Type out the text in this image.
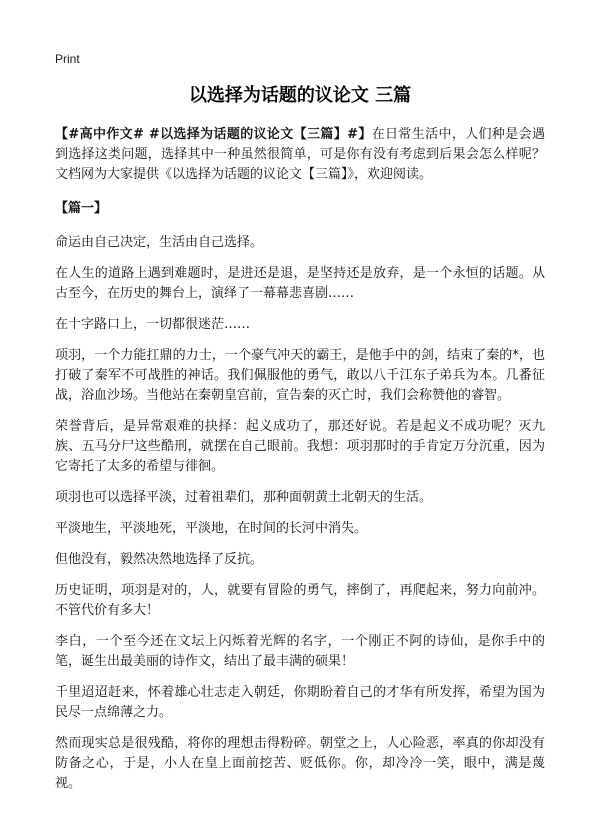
Print
以选择为话题的议论文 三篇

【#高中作文# #以选择为话题的议论文【三篇】#】在日常生活中，人们种是会遇到选择这类问题，选择其中一种虽然很简单，可是你有没有考虑到后果会怎么样呢？文档网为大家提供《以选择为话题的议论文【三篇】》，欢迎阅读。

【篇一】

命运由自己决定，生活由自己选择。

在人生的道路上遇到难题时，是进还是退，是坚持还是放弃，是一个永恒的话题。从古至今，在历史的舞台上，演绎了一幕幕悲喜剧……

在十字路口上，一切都很迷茫……

项羽，一个力能扛鼎的力士，一个豪气冲天的霸王，是他手中的剑，结束了秦的*，也打破了秦军不可战胜的神话。我们佩服他的勇气，敢以八千江东子弟兵为本。几番征战，浴血沙场。当他站在秦朝皇宫前，宣告秦的灭亡时，我们会称赞他的睿智。

荣誉背后，是异常艰难的抉择：起义成功了，那还好说。若是起义不成功呢？灭九族、五马分尸这些酷刑，就摆在自己眼前。我想：项羽那时的手肯定万分沉重，因为它寄托了太多的希望与徘徊。

项羽也可以选择平淡，过着祖辈们，那种面朝黄土北朝天的生活。

平淡地生，平淡地死，平淡地，在时间的长河中消失。

但他没有，毅然决然地选择了反抗。

历史证明，项羽是对的，人，就要有冒险的勇气，摔倒了，再爬起来，努力向前冲。不管代价有多大！

李白，一个至今还在文坛上闪烁着光辉的名字，一个刚正不阿的诗仙，是你手中的笔，诞生出最美丽的诗作文，结出了最丰满的硕果！

千里迢迢赶来，怀着雄心壮志走入朝廷，你期盼着自己的才华有所发挥，希望为国为民尽一点绵薄之力。

然而现实总是很残酷，将你的理想击得粉碎。朝堂之上，人心险恶，率真的你却没有防备之心，于是，小人在皇上面前挖苦、贬低你。你，却冷冷一笑，眼中，满是蔑视。
